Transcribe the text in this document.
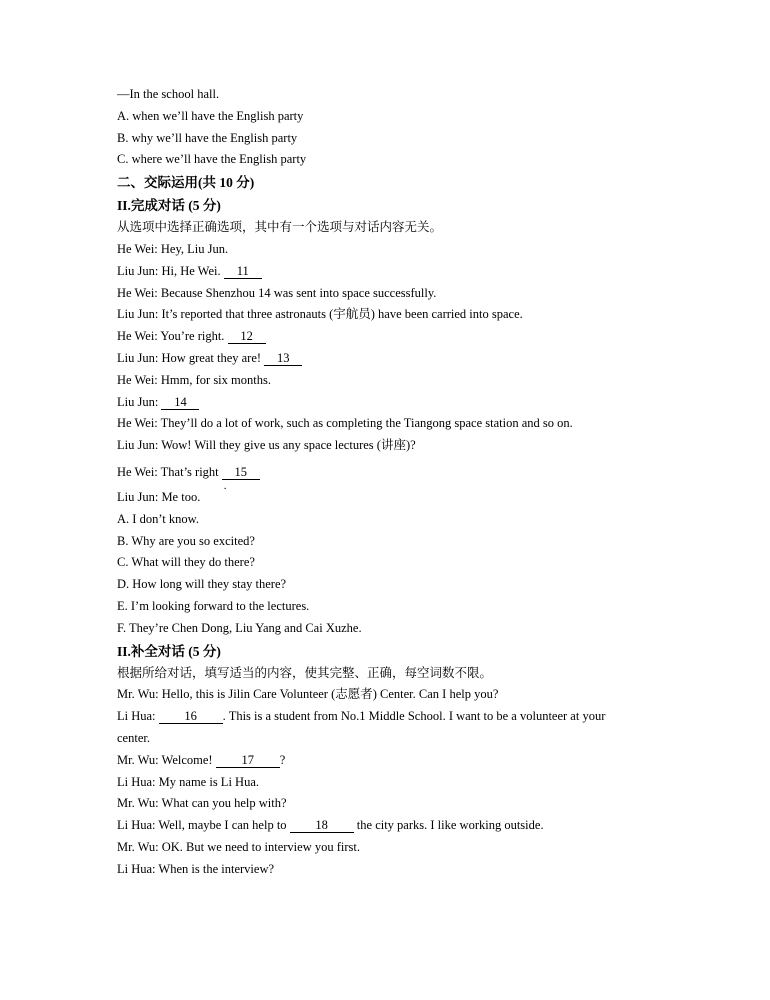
—In the school hall.
A. when we’ll have the English party
B. why we’ll have the English party
C. where we’ll have the English party
二、交际运用(共 10 分)
II.完成对话 (5 分)
从选项中选择正确选项，其中有一个选项与对话内容无关。
He Wei: Hey, Liu Jun.
Liu Jun: Hi, He Wei. 11
He Wei: Because Shenzhou 14 was sent into space successfully.
Liu Jun: It’s reported that three astronauts (宇航员) have been carried into space.
He Wei: You’re right. 12
Liu Jun: How great they are! 13
He Wei: Hmm, for six months.
Liu Jun: 14
He Wei: They’ll do a lot of work, such as completing the Tiangong space station and so on.
Liu Jun: Wow! Will they give us any space lectures (讲座)?
He Wei: That’s right 15
Liu Jun: Me too.
A. I don’t know.
B. Why are you so excited?
C. What will they do there?
D. How long will they stay there?
E. I’m looking forward to the lectures.
F. They’re Chen Dong, Liu Yang and Cai Xuzhe.
II.补全对话 (5 分)
根据所给对话，填写适当的内容，使其完整、正确，每空词数不限。
Mr. Wu: Hello, this is Jilin Care Volunteer (志愿者) Center. Can I help you?
Li Hua: 16 . This is a student from No.1 Middle School. I want to be a volunteer at your
center.
Mr. Wu: Welcome! 17 ?
Li Hua: My name is Li Hua.
Mr. Wu: What can you help with?
Li Hua: Well, maybe I can help to 18 the city parks. I like working outside.
Mr. Wu: OK. But we need to interview you first.
Li Hua: When is the interview?
